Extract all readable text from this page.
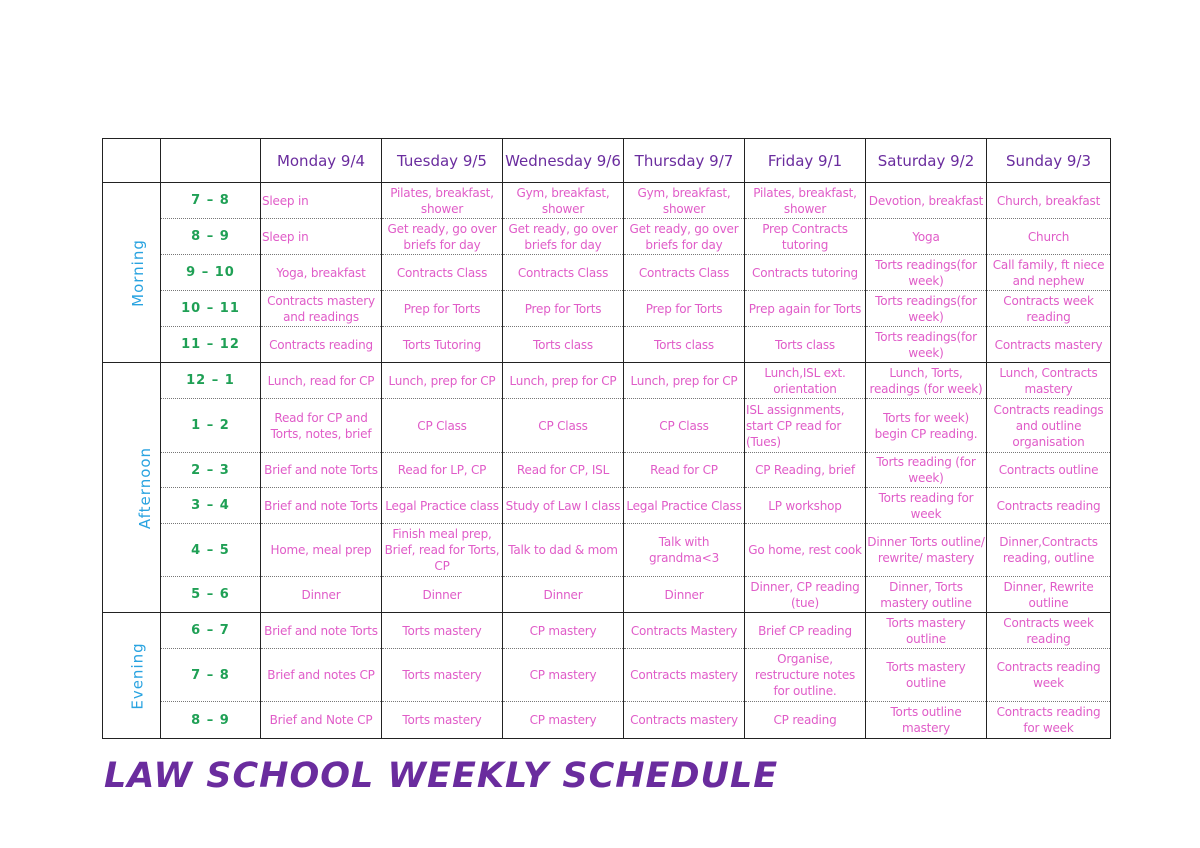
		Monday 9/4	Tuesday 9/5	Wednesday 9/6	Thursday 9/7	Friday 9/1	Saturday 9/2	Sunday 9/3
Morning	7 – 8	Sleep in	Pilates, breakfast, shower	Gym, breakfast, shower	Gym, breakfast, shower	Pilates, breakfast, shower	Devotion, breakfast	Church, breakfast
	8 – 9	Sleep in	Get ready, go over briefs for day	Get ready, go over briefs for day	Get ready, go over briefs for day	Prep Contracts tutoring	Yoga	Church
	9 – 10	Yoga, breakfast	Contracts Class	Contracts Class	Contracts Class	Contracts tutoring	Torts readings(for week)	Call family, ft niece and nephew
	10 – 11	Contracts mastery and readings	Prep for Torts	Prep for Torts	Prep for Torts	Prep again for Torts	Torts readings(for week)	Contracts week reading
	11 – 12	Contracts reading	Torts Tutoring	Torts class	Torts class	Torts class	Torts readings(for week)	Contracts mastery
Afternoon	12 – 1	Lunch, read for CP	Lunch, prep for CP	Lunch, prep for CP	Lunch, prep for CP	Lunch,ISL ext. orientation	Lunch, Torts, readings (for week)	Lunch, Contracts mastery
	1 – 2	Read for CP and Torts, notes, brief	CP Class	CP Class	CP Class	ISL assignments, start CP read for (Tues)	Torts for week) begin CP reading.	Contracts readings and outline organisation
	2 – 3	Brief and note Torts	Read for LP, CP	Read for CP, ISL	Read for CP	CP Reading, brief	Torts reading (for week)	Contracts outline
	3 – 4	Brief and note Torts	Legal Practice class	Study of Law I class	Legal Practice Class	LP workshop	Torts reading for week	Contracts reading
	4 – 5	Home, meal prep	Finish meal prep, Brief, read for Torts, CP	Talk to dad & mom	Talk with grandma<3	Go home, rest cook	Dinner Torts outline/ rewrite/ mastery	Dinner,Contracts reading, outline
	5 – 6	Dinner	Dinner	Dinner	Dinner	Dinner, CP reading (tue)	Dinner, Torts mastery outline	Dinner, Rewrite outline
Evening	6 – 7	Brief and note Torts	Torts mastery	CP mastery	Contracts Mastery	Brief CP reading	Torts mastery outline	Contracts week reading
	7 – 8	Brief and notes CP	Torts mastery	CP mastery	Contracts mastery	Organise, restructure notes for outline.	Torts mastery outline	Contracts reading week
	8 – 9	Brief and Note CP	Torts mastery	CP mastery	Contracts mastery	CP reading	Torts outline mastery	Contracts reading for week
LAW SCHOOL WEEKLY SCHEDULE
